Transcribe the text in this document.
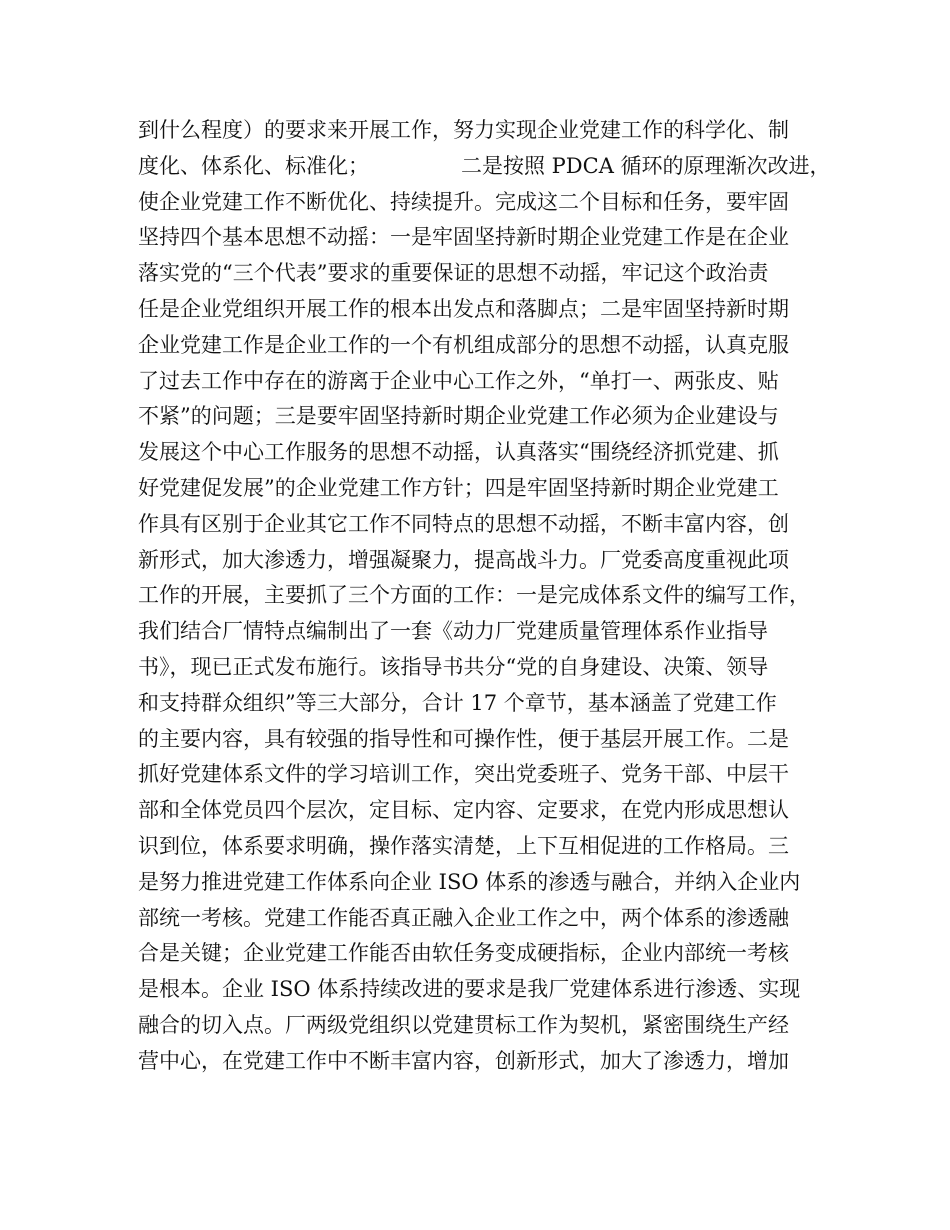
到什么程度）的要求来开展工作，努力实现企业党建工作的科学化、制
度化、体系化、标准化；	二是按照 PDCA 循环的原理渐次改进，
使企业党建工作不断优化、持续提升。完成这二个目标和任务，要牢固
坚持四个基本思想不动摇：一是牢固坚持新时期企业党建工作是在企业
落实党的“三个代表”要求的重要保证的思想不动摇，牢记这个政治责
任是企业党组织开展工作的根本出发点和落脚点；二是牢固坚持新时期
企业党建工作是企业工作的一个有机组成部分的思想不动摇，认真克服
了过去工作中存在的游离于企业中心工作之外，“单打一、两张皮、贴
不紧”的问题；三是要牢固坚持新时期企业党建工作必须为企业建设与
发展这个中心工作服务的思想不动摇，认真落实“围绕经济抓党建、抓
好党建促发展”的企业党建工作方针；四是牢固坚持新时期企业党建工
作具有区别于企业其它工作不同特点的思想不动摇，不断丰富内容，创
新形式，加大渗透力，增强凝聚力，提高战斗力。厂党委高度重视此项
工作的开展，主要抓了三个方面的工作：一是完成体系文件的编写工作，
我们结合厂情特点编制出了一套《动力厂党建质量管理体系作业指导
书》，现已正式发布施行。该指导书共分“党的自身建设、决策、领导
和支持群众组织”等三大部分，合计 17 个章节，基本涵盖了党建工作
的主要内容，具有较强的指导性和可操作性，便于基层开展工作。二是
抓好党建体系文件的学习培训工作，突出党委班子、党务干部、中层干
部和全体党员四个层次，定目标、定内容、定要求，在党内形成思想认
识到位，体系要求明确，操作落实清楚，上下互相促进的工作格局。三
是努力推进党建工作体系向企业 ISO 体系的渗透与融合，并纳入企业内
部统一考核。党建工作能否真正融入企业工作之中，两个体系的渗透融
合是关键；企业党建工作能否由软任务变成硬指标，企业内部统一考核
是根本。企业 ISO 体系持续改进的要求是我厂党建体系进行渗透、实现
融合的切入点。厂两级党组织以党建贯标工作为契机，紧密围绕生产经
营中心，在党建工作中不断丰富内容，创新形式，加大了渗透力，增加
